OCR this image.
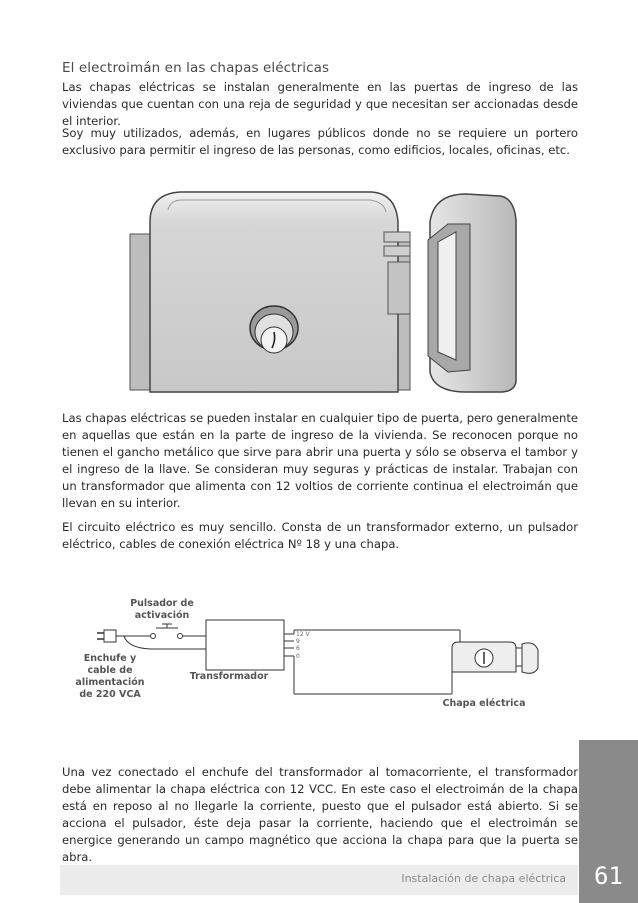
El electroimán en las chapas eléctricas

Las chapas eléctricas se instalan generalmente en las puertas de ingreso de las viviendas que cuentan con una reja de seguridad y que necesitan ser accionadas desde el interior.

Soy muy utilizados, además, en lugares públicos donde no se requiere un portero exclusivo para permitir el ingreso de las personas, como edificios, locales, oficinas, etc.

Las chapas eléctricas se pueden instalar en cualquier tipo de puerta, pero generalmente en aquellas que están en la parte de ingreso de la vivienda. Se reconocen porque no tienen el gancho metálico que sirve para abrir una puerta y sólo se observa el tambor y el ingreso de la llave. Se consideran muy seguras y prácticas de instalar. Trabajan con un transformador que alimenta con 12 voltios de corriente continua el electroimán que llevan en su interior.

El circuito eléctrico es muy sencillo. Consta de un transformador externo, un pulsador eléctrico, cables de conexión eléctrica Nº 18 y una chapa.

12 V
9
6
0
Pulsador de
activación
Enchufe y
cable de
alimentación
de 220 VCA
Transformador
Chapa eléctrica

Una vez conectado el enchufe del transformador al tomacorriente, el transformador debe alimentar la chapa eléctrica con 12 VCC. En este caso el electroimán de la chapa está en reposo al no llegarle la corriente, puesto que el pulsador está abierto. Si se acciona el pulsador, éste deja pasar la corriente, haciendo que el electroimán se energice generando un campo magnético que acciona la chapa para que la puerta se abra.

Instalación de chapa eléctrica	61
